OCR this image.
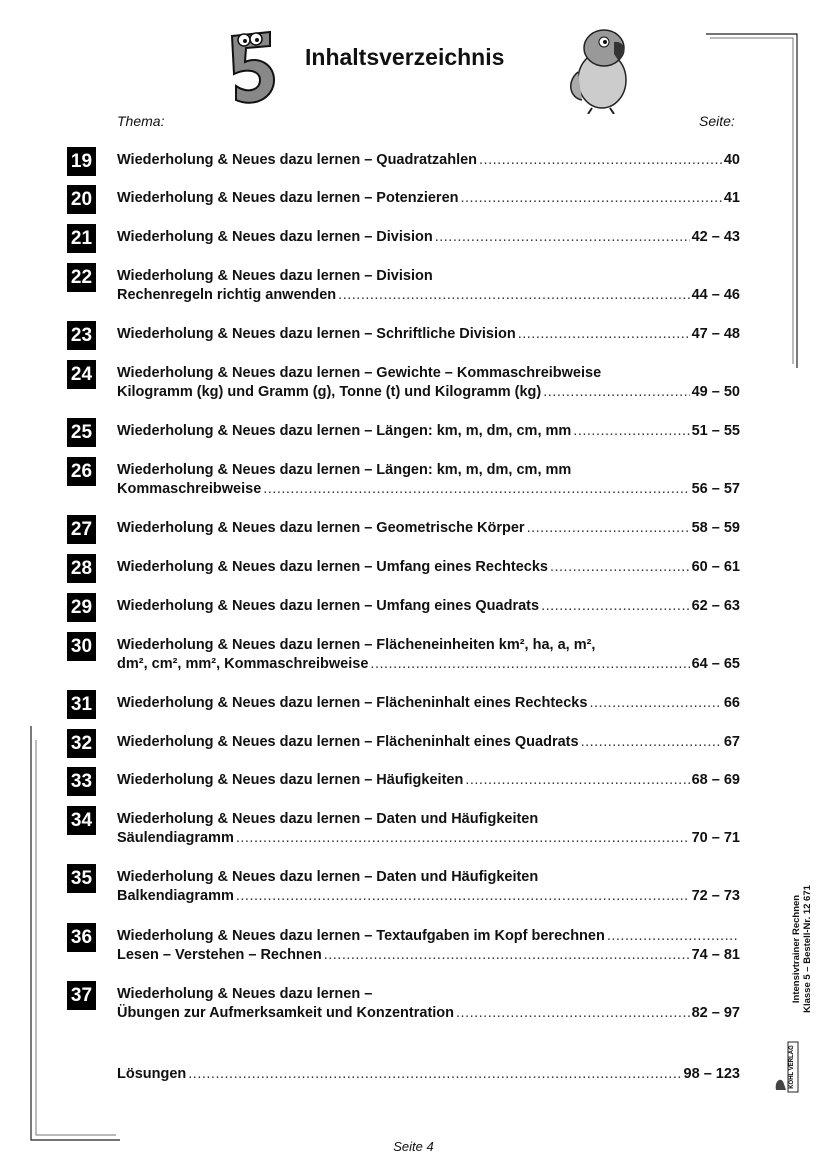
Inhaltsverzeichnis
Thema:	Seite:
19 Wiederholung & Neues dazu lernen – Quadratzahlen .....	40
20 Wiederholung & Neues dazu lernen – Potenzieren .....	41
21 Wiederholung & Neues dazu lernen – Division .....	42 – 43
22 Wiederholung & Neues dazu lernen – Division
Rechenregeln richtig anwenden .....	44 – 46
23 Wiederholung & Neues dazu lernen – Schriftliche Division .....	47 – 48
24 Wiederholung & Neues dazu lernen – Gewichte – Kommaschreibweise
Kilogramm (kg) und Gramm (g), Tonne (t) und Kilogramm (kg) .....	49 – 50
25 Wiederholung & Neues dazu lernen – Längen: km, m, dm, cm, mm .....	51 – 55
26 Wiederholung & Neues dazu lernen – Längen: km, m, dm, cm, mm
Kommaschreibweise .....	56 – 57
27 Wiederholung & Neues dazu lernen – Geometrische Körper .....	58 – 59
28 Wiederholung & Neues dazu lernen – Umfang eines Rechtecks .....	60 – 61
29 Wiederholung & Neues dazu lernen – Umfang eines Quadrats .....	62 – 63
30 Wiederholung & Neues dazu lernen – Flächeneinheiten km², ha, a, m²,
dm², cm², mm², Kommaschreibweise .....	64 – 65
31 Wiederholung & Neues dazu lernen – Flächeninhalt eines Rechtecks .....	66
32 Wiederholung & Neues dazu lernen – Flächeninhalt eines Quadrats .....	67
33 Wiederholung & Neues dazu lernen – Häufigkeiten .....	68 – 69
34 Wiederholung & Neues dazu lernen – Daten und Häufigkeiten
Säulendiagramm .....	70 – 71
35 Wiederholung & Neues dazu lernen – Daten und Häufigkeiten
Balkendiagramm .....	72 – 73
36 Wiederholung & Neues dazu lernen – Textaufgaben im Kopf berechnen
.....
Lesen – Verstehen – Rechnen .....	74 – 81
37 Wiederholung & Neues dazu lernen –
Übungen zur Aufmerksamkeit und Konzentration .....	82 – 97
Lösungen .....	98 – 123
Seite 4
Intensivtrainer Rechnen Klasse 5 – Bestell-Nr. 12 671
KOHL VERLAG
